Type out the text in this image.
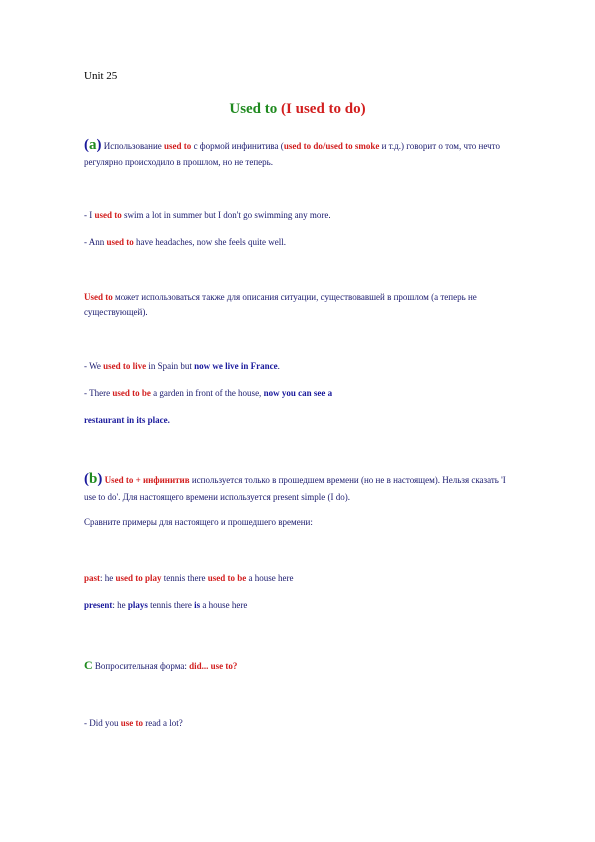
Unit 25
Used to (I used to do)
(a) Использование used to с формой инфинитива (used to do/used to smoke и т.д.) говорит о том, что нечто
регулярно происходило в прошлом, но не теперь.
- I used to swim a lot in summer but I don't go swimming any more.
- Ann used to have headaches, now she feels quite well.
Used to может использоваться также для описания ситуации, существовавшей в прошлом (а теперь не
существующей).
- We used to live in Spain but now we live in France.
- There used to be a garden in front of the house, now you can see a
restaurant in its place.
(b) Used to + инфинитив используется только в прошедшем времени (но не в настоящем). Нельзя сказать 'I
use to do'. Для настоящего времени используется present simple (I do).
Сравните примеры для настоящего и прошедшего времени:
past: he used to play tennis there used to be a house here
present: he plays tennis there is a house here
C Вопросительная форма: did... use to?
- Did you use to read a lot?
